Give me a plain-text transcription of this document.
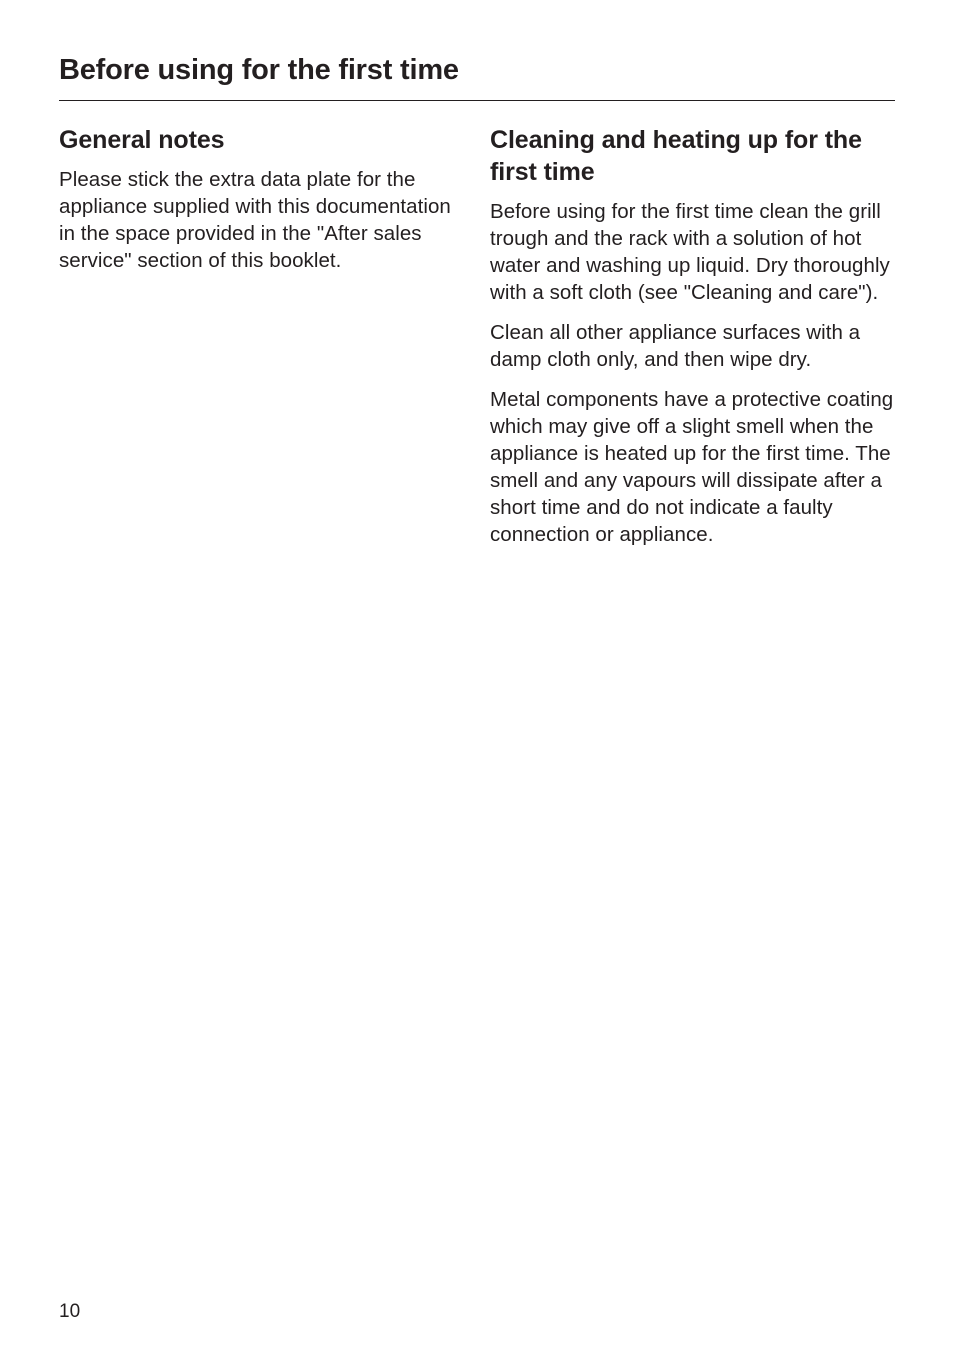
Before using for the first time
General notes

Please stick the extra data plate for the appliance supplied with this documentation in the space provided in the "After sales service" section of this booklet.

Cleaning and heating up for the first time

Before using for the first time clean the grill trough and the rack with a solution of hot water and washing up liquid. Dry thoroughly with a soft cloth (see "Cleaning and care").

Clean all other appliance surfaces with a damp cloth only, and then wipe dry.

Metal components have a protective coating which may give off a slight smell when the appliance is heated up for the first time. The smell and any vapours will dissipate after a short time and do not indicate a faulty connection or appliance.

10
